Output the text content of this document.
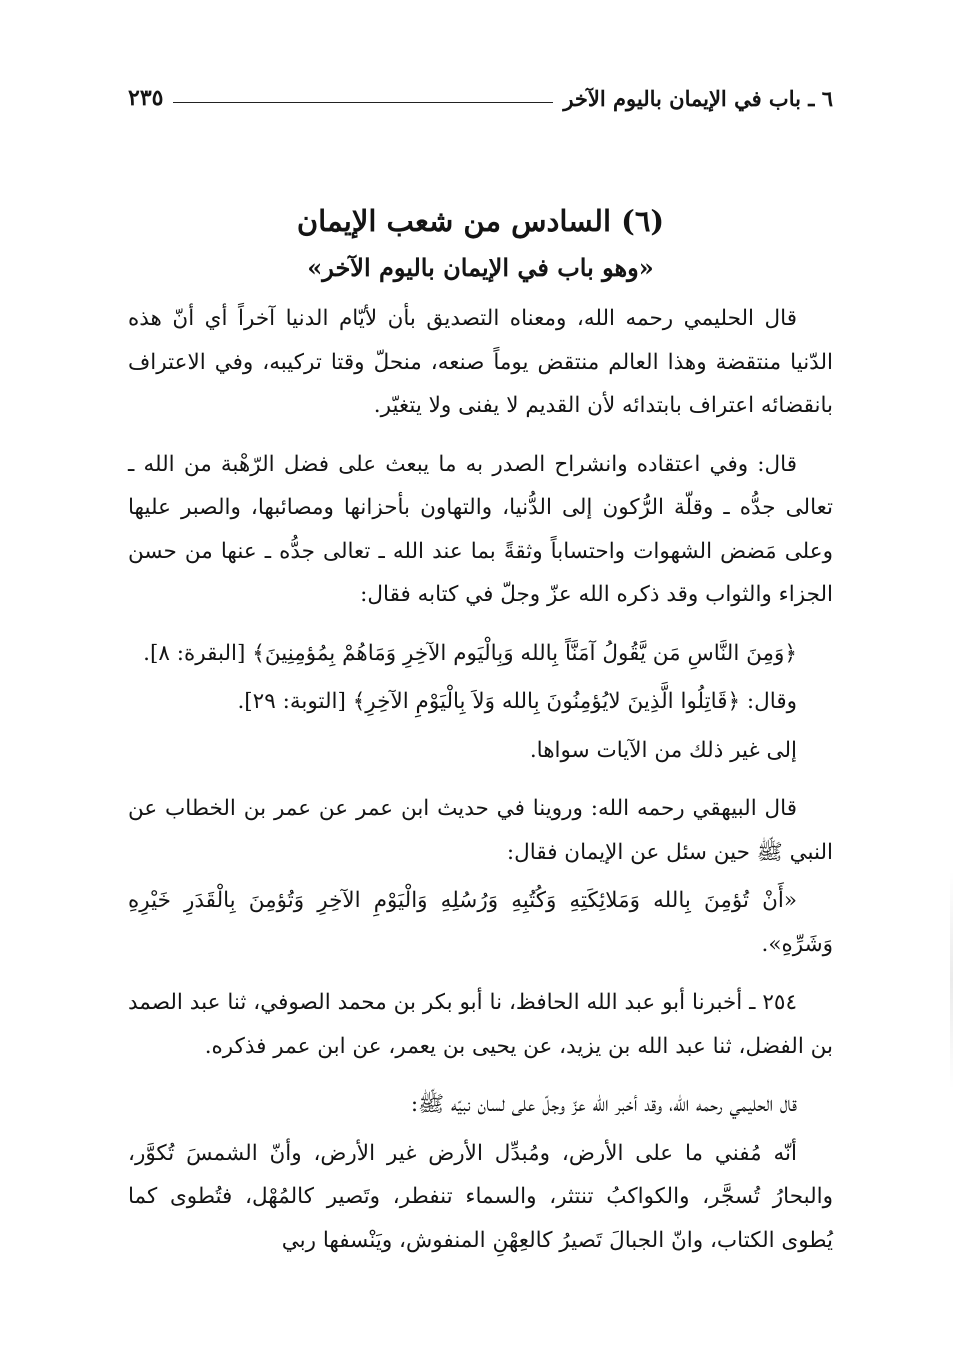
٦ ـ باب في الإيمان باليوم الآخر
٢٣٥
(٦) السادس من شعب الإيمان
«وهو باب في الإيمان باليوم الآخر»

قال الحليمي رحمه الله، ومعناه التصديق بأن لأيّام الدنيا آخراً أي أنّ هذه الدّنيا منتقضة وهذا العالم منتقض يوماً صنعه، منحلّ وقتا تركيبه، وفي الاعتراف بانقضائه اعتراف بابتدائه لأن القديم لا يفنى ولا يتغيّر.

قال: وفي اعتقاده وانشراح الصدر به ما يبعث على فضل الرّهْبة من الله ـ تعالى جدُّه ـ وقلّة الرُّكون إلى الدُّنيا، والتهاون بأحزانها ومصائبها، والصبر عليها وعلى مَضض الشهوات واحتساباً وثقةً بما عند الله ـ تعالى جدُّه ـ عنها من حسن الجزاء والثواب وقد ذكره الله عزّ وجلّ في كتابه فقال:

﴿وَمِنَ النَّاسِ مَن يَّقُولُ آمَنَّاً بِالله وَبِالْيَوم الآخِرِ وَمَاهُمْ بِمُؤمِنِينَ﴾ [البقرة: ٨].

وقال: ﴿قَاتِلُوا الَّذِينَ لايُؤمِنُونَ بِالله وَلاَ بِالْيَوْمِ الآخِرِ﴾ [التوبة: ٢٩].

إلى غير ذلك من الآيات سواها.

قال البيهقي رحمه الله: وروينا في حديث ابن عمر عن عمر بن الخطاب عن النبي ﷺ حين سئل عن الإيمان فقال:

«أَنْ تُؤمِنَ بِالله وَمَلائِكَتِهِ وَكُتُبِهِ وَرُسُلِهِ وَالْيَوْمِ الآخِرِ وَتُؤمِنَ بِالْقَدَرِ خَيْرِهِ وَشَرِّهِ».

٢٥٤ ـ أخبرنا أبو عبد الله الحافظ، نا أبو بكر بن محمد الصوفي، ثنا عبد الصمد بن الفضل، ثنا عبد الله بن يزيد، عن يحيى بن يعمر، عن ابن عمر فذكره.

قال الحليمي رحمه الله، وقد أخبر الله عزّ وجلّ على لسان نبيّه ﷺ:

أنّه مُفني ما على الأرض، ومُبدِّل الأرض غير الأرض، وأنّ الشمسَ تُكوَّر، والبحارُ تُسجَّر، والكواكبُ تنتثر، والسماء تنفطر، وتَصير كالمُهْل، فتُطوى كما يُطوى الكتاب، وانّ الجبالَ تَصيرُ كالعِهْنِ المنفوش، ويَنْسفها ربي
